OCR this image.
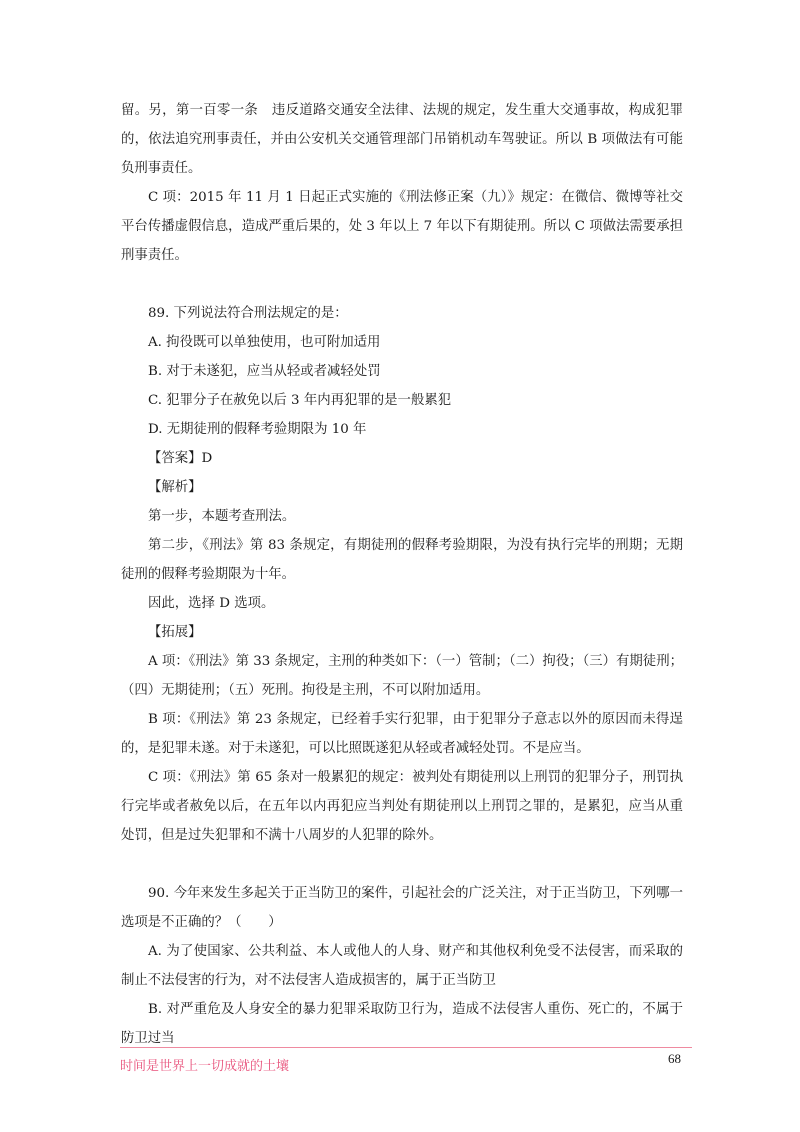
留。另，第一百零一条　违反道路交通安全法律、法规的规定，发生重大交通事故，构成犯罪的，依法追究刑事责任，并由公安机关交通管理部门吊销机动车驾驶证。所以 B 项做法有可能负刑事责任。

C 项：2015 年 11 月 1 日起正式实施的《刑法修正案（九）》规定：在微信、微博等社交平台传播虚假信息，造成严重后果的，处 3 年以上 7 年以下有期徒刑。所以 C 项做法需要承担刑事责任。

89. 下列说法符合刑法规定的是：

A. 拘役既可以单独使用，也可附加适用

B. 对于未遂犯，应当从轻或者减轻处罚

C. 犯罪分子在赦免以后 3 年内再犯罪的是一般累犯

D. 无期徒刑的假释考验期限为 10 年

【答案】D

【解析】

第一步，本题考查刑法。

第二步，《刑法》第 83 条规定，有期徒刑的假释考验期限，为没有执行完毕的刑期；无期徒刑的假释考验期限为十年。

因此，选择 D 选项。

【拓展】

A 项：《刑法》第 33 条规定，主刑的种类如下：（一）管制；（二）拘役；（三）有期徒刑；（四）无期徒刑；（五）死刑。拘役是主刑，不可以附加适用。

B 项：《刑法》第 23 条规定，已经着手实行犯罪，由于犯罪分子意志以外的原因而未得逞的，是犯罪未遂。对于未遂犯，可以比照既遂犯从轻或者减轻处罚。不是应当。

C 项：《刑法》第 65 条对一般累犯的规定：被判处有期徒刑以上刑罚的犯罪分子，刑罚执行完毕或者赦免以后，在五年以内再犯应当判处有期徒刑以上刑罚之罪的，是累犯，应当从重处罚，但是过失犯罪和不满十八周岁的人犯罪的除外。

90. 今年来发生多起关于正当防卫的案件，引起社会的广泛关注，对于正当防卫，下列哪一选项是不正确的？（　　）

A. 为了使国家、公共利益、本人或他人的人身、财产和其他权利免受不法侵害，而采取的制止不法侵害的行为，对不法侵害人造成损害的，属于正当防卫

B. 对严重危及人身安全的暴力犯罪采取防卫行为，造成不法侵害人重伤、死亡的，不属于防卫过当

时间是世界上一切成就的土壤
68
